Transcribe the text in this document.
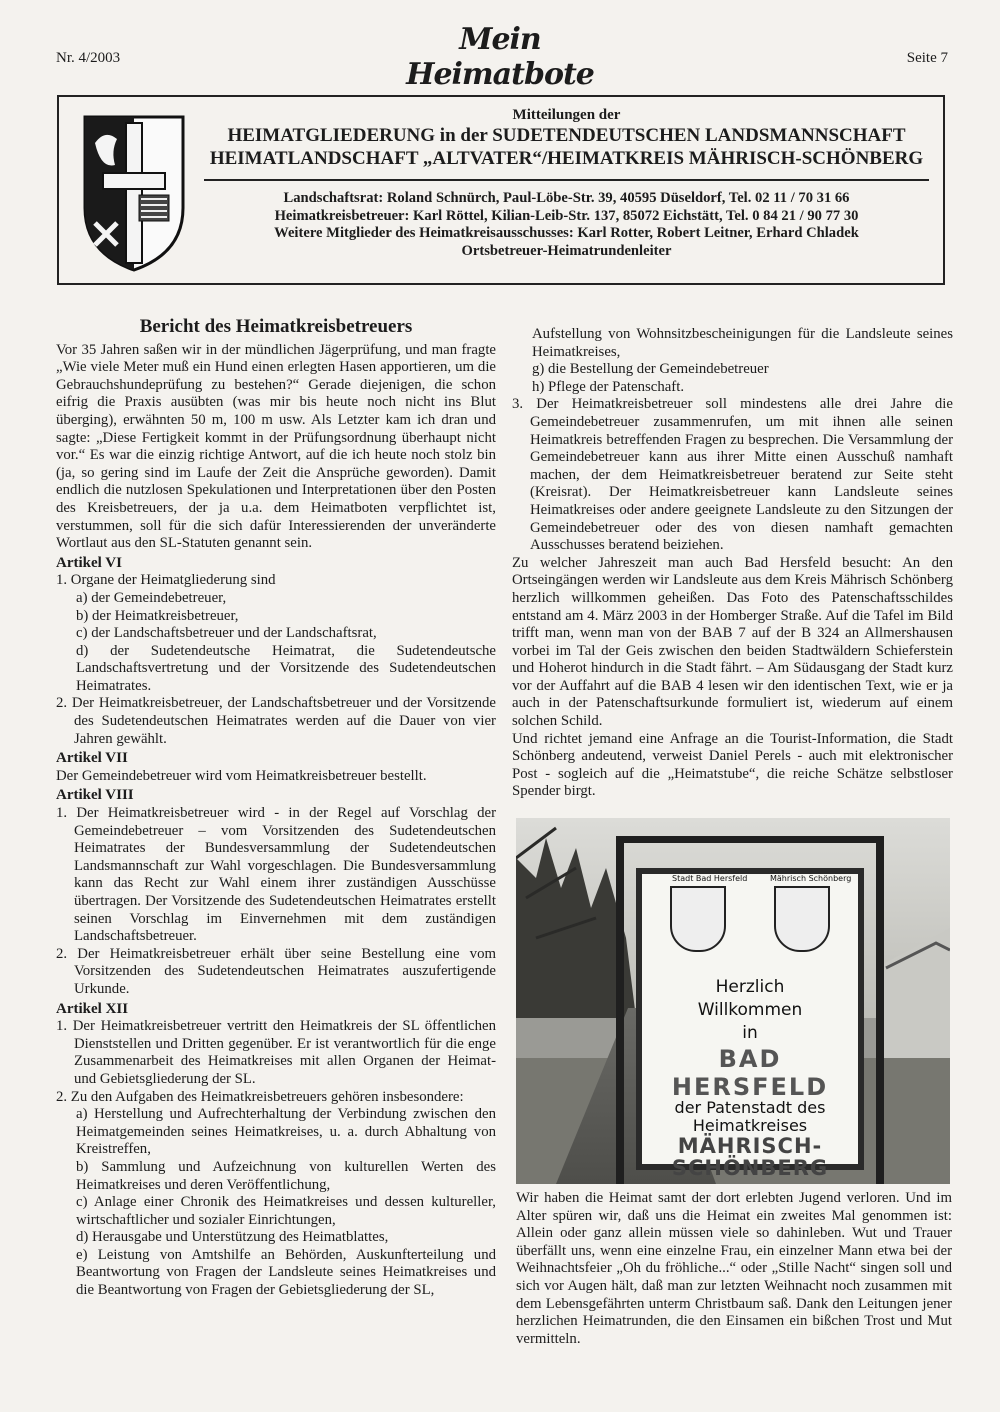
Nr. 4/2003
Mein Heimatbote	Seite 7
Mitteilungen der
HEIMATGLIEDERUNG in der SUDETENDEUTSCHEN LANDSMANNSCHAFT
HEIMATLANDSCHAFT „ALTVATER“/HEIMATKREIS MÄHRISCH-SCHÖNBERG
Landschaftsrat: Roland Schnürch, Paul-Löbe-Str. 39, 40595 Düseldorf, Tel. 02 11 / 70 31 66
Heimatkreisbetreuer: Karl Röttel, Kilian-Leib-Str. 137, 85072 Eichstätt, Tel. 0 84 21 / 90 77 30
Weitere Mitglieder des Heimatkreisausschusses: Karl Rotter, Robert Leitner, Erhard Chladek
Ortsbetreuer-Heimatrundenleiter
Bericht des Heimatkreisbetreuers

Vor 35 Jahren saßen wir in der mündlichen Jägerprüfung, und man fragte „Wie viele Meter muß ein Hund einen erlegten Hasen apportieren, um die Gebrauchshundeprüfung zu bestehen?“ Gerade diejenigen, die schon eifrig die Praxis ausübten (was mir bis heute noch nicht ins Blut überging), erwähnten 50 m, 100 m usw. Als Letzter kam ich dran und sagte: „Diese Fertigkeit kommt in der Prüfungsordnung überhaupt nicht vor.“ Es war die einzig richtige Antwort, auf die ich heute noch stolz bin (ja, so gering sind im Laufe der Zeit die Ansprüche geworden). Damit endlich die nutzlosen Spekulationen und Interpretationen über den Posten des Kreisbetreuers, der ja u.a. dem Heimatboten verpflichtet ist, verstummen, soll für die sich dafür Interessierenden der unveränderte Wortlaut aus den SL-Statuten genannt sein.

Artikel VI

1. Organe der Heimatgliederung sind

a) der Gemeindebetreuer,

b) der Heimatkreisbetreuer,

c) der Landschaftsbetreuer und der Landschaftsrat,

d) der Sudetendeutsche Heimatrat, die Sudetendeutsche Landschaftsvertretung und der Vorsitzende des Sudetendeutschen Heimatrates.

2. Der Heimatkreisbetreuer, der Landschaftsbetreuer und der Vorsitzende des Sudetendeutschen Heimatrates werden auf die Dauer von vier Jahren gewählt.

Artikel VII

Der Gemeindebetreuer wird vom Heimatkreisbetreuer bestellt.

Artikel VIII

1. Der Heimatkreisbetreuer wird - in der Regel auf Vorschlag der Gemeindebetreuer – vom Vorsitzenden des Sudetendeutschen Heimatrates der Bundesversammlung der Sudetendeutschen Landsmannschaft zur Wahl vorgeschlagen. Die Bundesversammlung kann das Recht zur Wahl einem ihrer zuständigen Ausschüsse übertragen. Der Vorsitzende des Sudetendeutschen Heimatrates erstellt seinen Vorschlag im Einvernehmen mit dem zuständigen Landschaftsbetreuer.

2. Der Heimatkreisbetreuer erhält über seine Bestellung eine vom Vorsitzenden des Sudetendeutschen Heimatrates auszufertigende Urkunde.

Artikel XII

1. Der Heimatkreisbetreuer vertritt den Heimatkreis der SL öffentlichen Dienststellen und Dritten gegenüber. Er ist verantwortlich für die enge Zusammenarbeit des Heimatkreises mit allen Organen der Heimat- und Gebietsgliederung der SL.

2. Zu den Aufgaben des Heimatkreisbetreuers gehören insbesondere:

a) Herstellung und Aufrechterhaltung der Verbindung zwischen den Heimatgemeinden seines Heimatkreises, u. a. durch Abhaltung von Kreistreffen,

b) Sammlung und Aufzeichnung von kulturellen Werten des Heimatkreises und deren Veröffentlichung,

c) Anlage einer Chronik des Heimatkreises und dessen kultureller, wirtschaftlicher und sozialer Einrichtungen,

d) Herausgabe und Unterstützung des Heimatblattes,

e) Leistung von Amtshilfe an Behörden, Auskunfterteilung und Beantwortung von Fragen der Landsleute seines Heimatkreises und die Beantwortung von Fragen der Gebietsgliederung der SL,

Aufstellung von Wohnsitzbescheinigungen für die Landsleute seines Heimatkreises,

g) die Bestellung der Gemeindebetreuer

h) Pflege der Patenschaft.

3. Der Heimatkreisbetreuer soll mindestens alle drei Jahre die Gemeindebetreuer zusammenrufen, um mit ihnen alle seinen Heimatkreis betreffenden Fragen zu besprechen. Die Versammlung der Gemeindebetreuer kann aus ihrer Mitte einen Ausschuß namhaft machen, der dem Heimatkreisbetreuer beratend zur Seite steht (Kreisrat). Der Heimatkreisbetreuer kann Landsleute seines Heimatkreises oder andere geeignete Landsleute zu den Sitzungen der Gemeindebetreuer oder des von diesen namhaft gemachten Ausschusses beratend beiziehen.

Zu welcher Jahreszeit man auch Bad Hersfeld besucht: An den Ortseingängen werden wir Landsleute aus dem Kreis Mährisch Schönberg herzlich willkommen geheißen. Das Foto des Patenschaftsschildes entstand am 4. März 2003 in der Homberger Straße. Auf die Tafel im Bild trifft man, wenn man von der BAB 7 auf der B 324 an Allmershausen vorbei im Tal der Geis zwischen den beiden Stadtwäldern Schieferstein und Hoherot hindurch in die Stadt fährt. – Am Südausgang der Stadt kurz vor der Auffahrt auf die BAB 4 lesen wir den identischen Text, wie er ja auch in der Patenschaftsurkunde formuliert ist, wiederum auf einem solchen Schild.

Und richtet jemand eine Anfrage an die Tourist-Information, die Stadt Schönberg andeutend, verweist Daniel Perels - auch mit elektronischer Post - sogleich auf die „Heimatstube“, die reiche Schätze selbstloser Spender birgt.

Stadt Bad Hersfeld	Mährisch Schönberg
Herzlich
Willkommen
in
BAD
HERSFELD
der Patenstadt des
Heimatkreises
MÄHRISCH-
SCHÖNBERG
Wir haben die Heimat samt der dort erlebten Jugend verloren. Und im Alter spüren wir, daß uns die Heimat ein zweites Mal genommen ist: Allein oder ganz allein müssen viele so dahinleben. Wut und Trauer überfällt uns, wenn eine einzelne Frau, ein einzelner Mann etwa bei der Weihnachtsfeier „Oh du fröhliche...“ oder „Stille Nacht“ singen soll und sich vor Augen hält, daß man zur letzten Weihnacht noch zusammen mit dem Lebensgefährten unterm Christbaum saß. Dank den Leitungen jener herzlichen Heimatrunden, die den Einsamen ein bißchen Trost und Mut vermitteln.
